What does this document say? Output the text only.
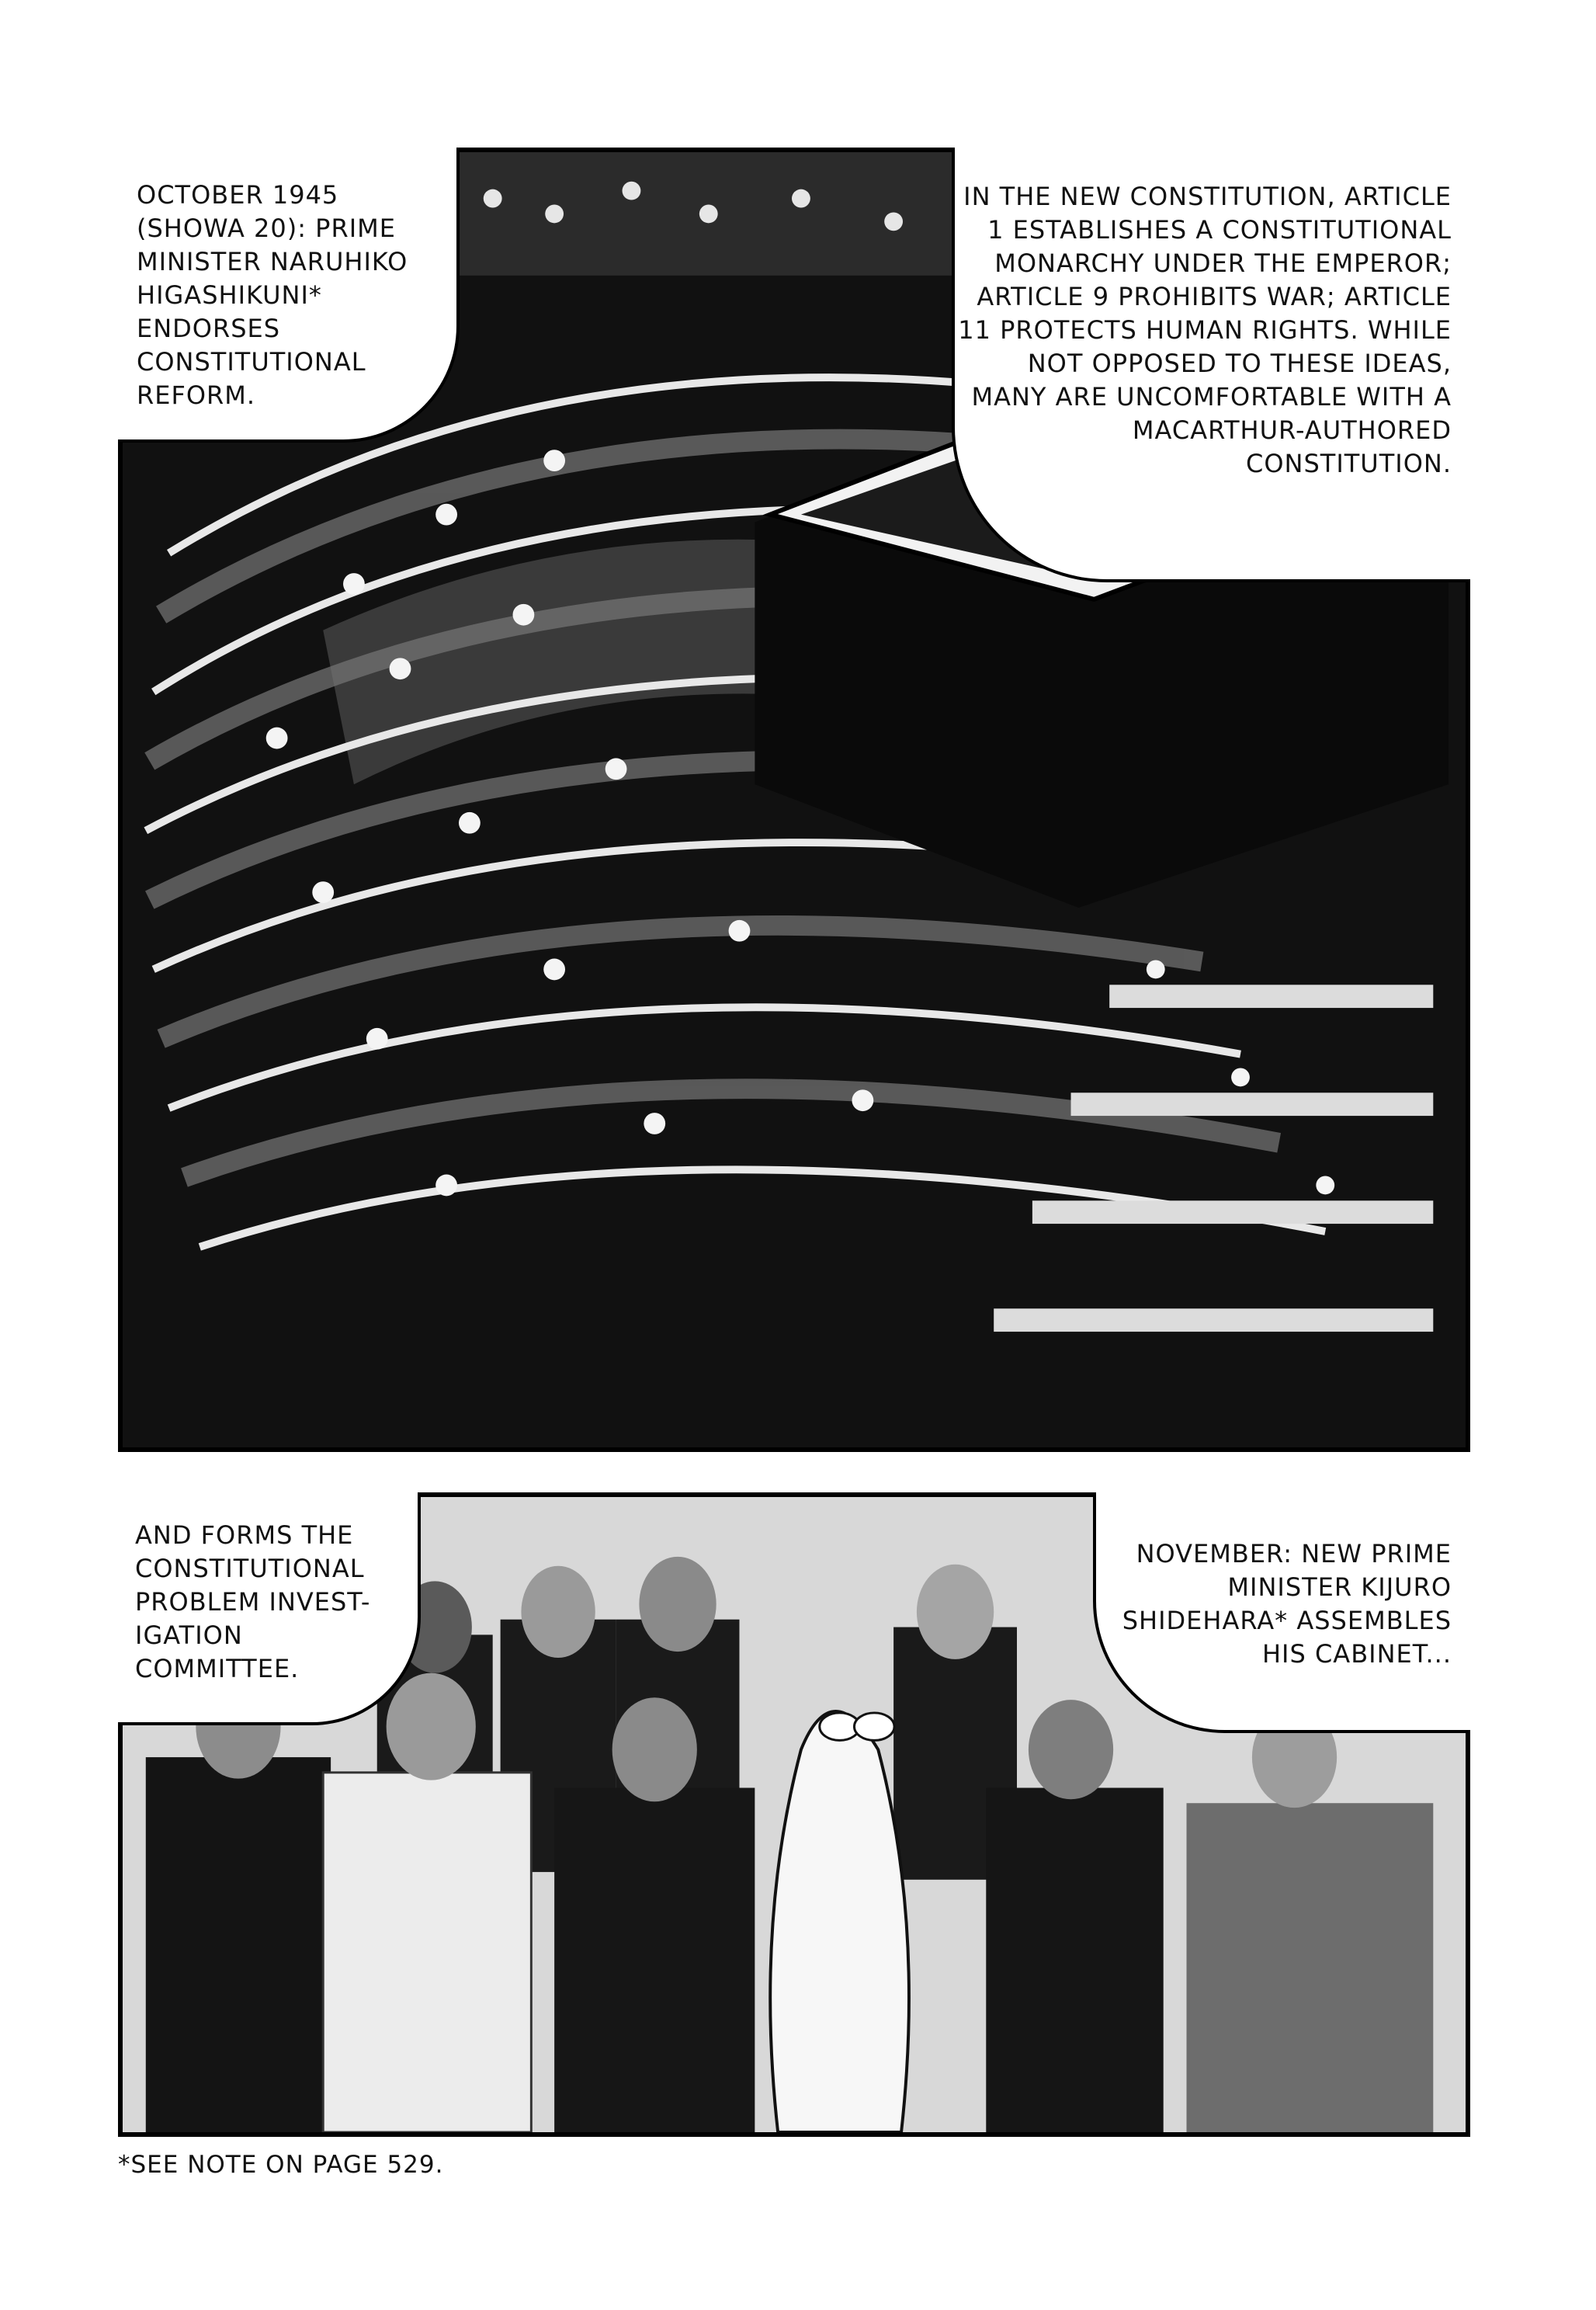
OCTOBER 1945 (SHOWA 20): PRIME MINISTER NARUHIKO HIGASHIKUNI* ENDORSES CONSTITUTIONAL REFORM.
IN THE NEW CONSTITUTION, ARTICLE 1 ESTABLISHES A CONSTITUTIONAL MONARCHY UNDER THE EMPEROR; ARTICLE 9 PROHIBITS WAR; ARTICLE 11 PROTECTS HUMAN RIGHTS. WHILE NOT OPPOSED TO THESE IDEAS, MANY ARE UNCOMFORTABLE WITH A MACARTHUR-AUTHORED CONSTITUTION.
AND FORMS THE CONSTITUTIONAL PROBLEM INVEST-IGATION COMMITTEE.
NOVEMBER: NEW PRIME MINISTER KIJURO SHIDEHARA* ASSEMBLES HIS CABINET...
*SEE NOTE ON PAGE 529.
